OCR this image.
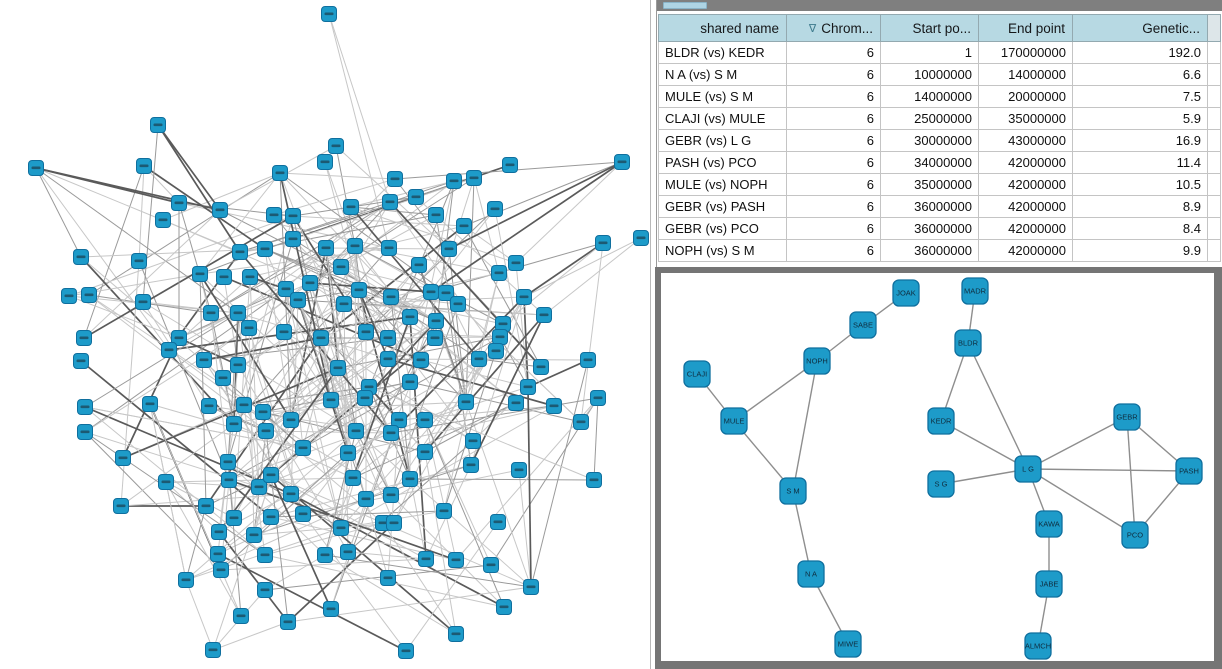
shared name	∇ Chrom...	Start po...	End point	Genetic...	
BLDR (vs) KEDR	6	1	170000000	192.0	
N A (vs) S M	6	10000000	14000000	6.6	
MULE (vs) S M	6	14000000	20000000	7.5	
CLAJI (vs) MULE	6	25000000	35000000	5.9	
GEBR (vs) L G	6	30000000	43000000	16.9	
PASH (vs) PCO	6	34000000	42000000	11.4	
MULE (vs) NOPH	6	35000000	42000000	10.5	
GEBR (vs) PASH	6	36000000	42000000	8.9	
GEBR (vs) PCO	6	36000000	42000000	8.4	
NOPH (vs) S M	6	36000000	42000000	9.9	
JOAK
SABE
NOPH
CLAJI
MULE
S M
N A
MIWE
MADR
BLDR
KEDR
S G
L G
GEBR
PASH
PCO
KAWA
JABE
ALMCH
